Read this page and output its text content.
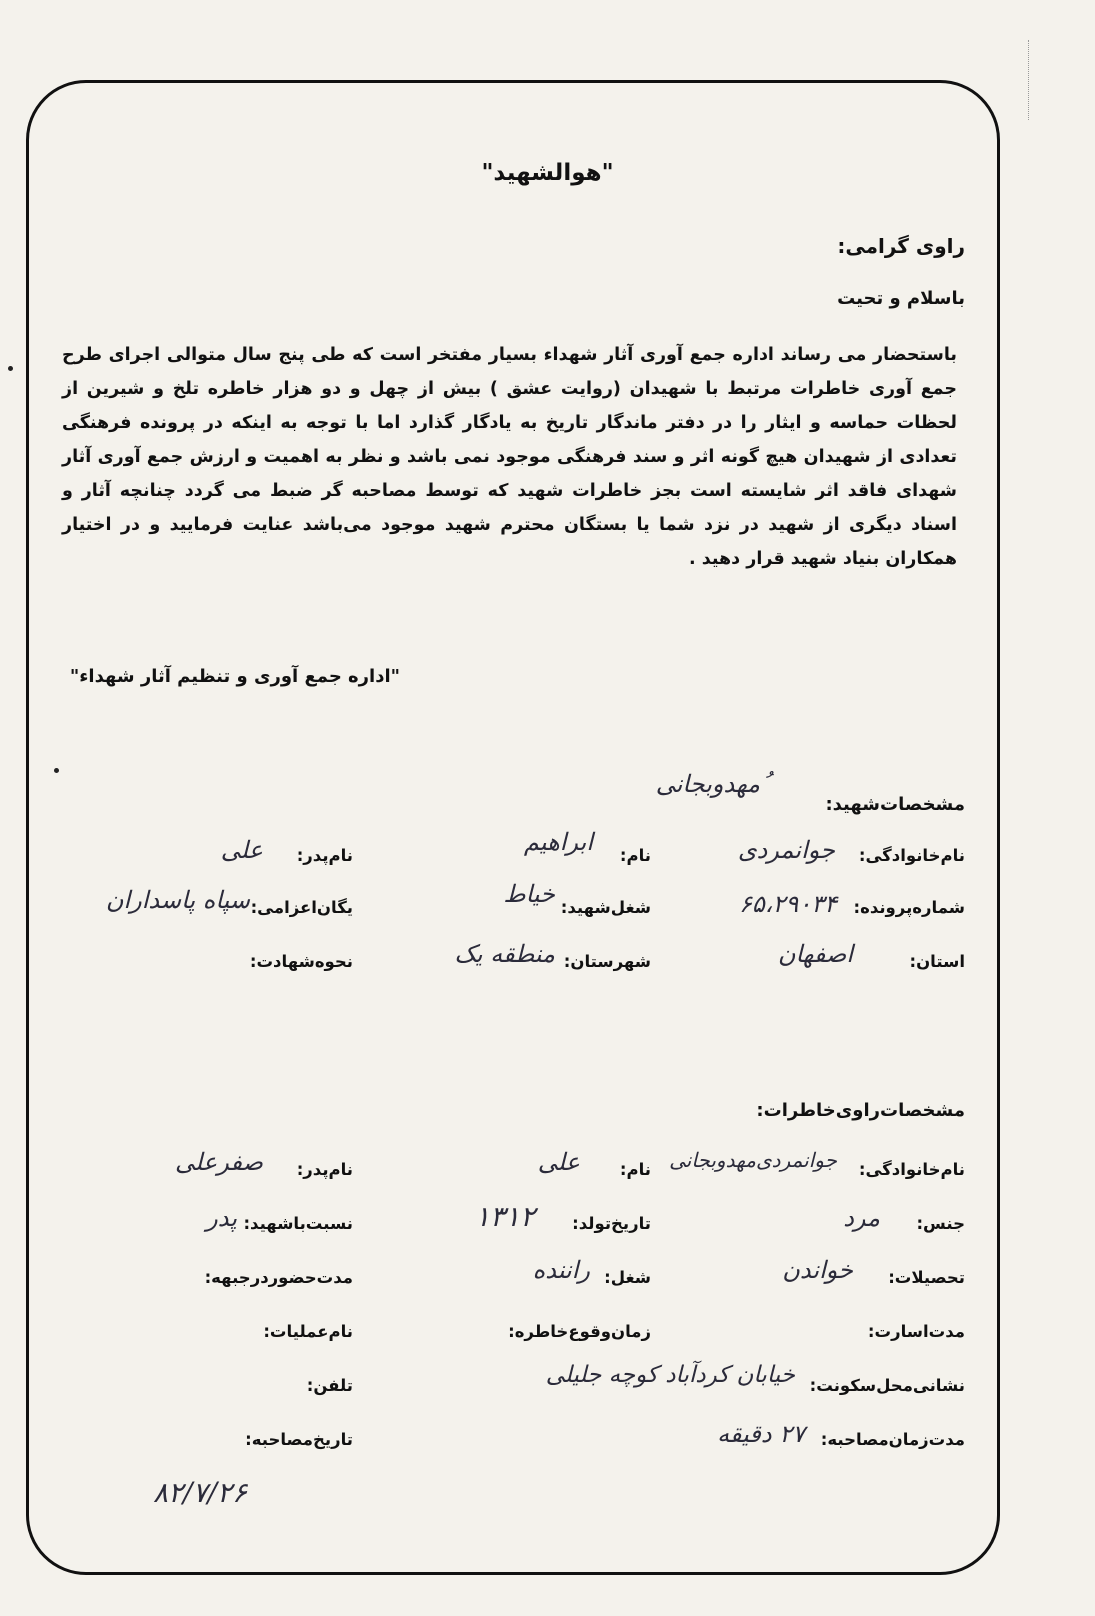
"هوالشهید"
راوی گرامی:
باسلام و تحیت
باستحضار می رساند اداره جمع آوری آثار شهداء بسیار مفتخر است که طی پنج سال متوالی اجرای طرح جمع آوری خاطرات مرتبط با شهیدان (روایت عشق ) بیش از چهل و دو هزار خاطره تلخ و شیرین از لحظات حماسه و ایثار را در دفتر ماندگار تاریخ به یادگار گذارد اما با توجه به اینکه در پرونده فرهنگی تعدادی از شهیدان هیچ گونه اثر و سند فرهنگی موجود نمی باشد و نظر به اهمیت و ارزش جمع آوری آثار شهدای فاقد اثر شایسته است بجز خاطرات شهید که توسط مصاحبه گر ضبط می گردد چنانچه آثار و اسناد دیگری از شهید در نزد شما یا بستگان محترم شهید موجود می‌باشد عنایت فرمایید و در اختیار همکاران بنیاد شهید قرار دهید .
"اداره جمع آوری و تنظیم آثار شهداء"
مشخصات‌شهید:
ُمهدوبجانی
نام‌خانوادگی:
جوانمردی
نام:
ابراهیم
نام‌پدر:
علی
شماره‌پرونده:
۶۵،۲۹۰۳۴
شغل‌شهید:
خیاط
یگان‌اعزامی:
سپاه پاسداران
استان:
اصفهان
شهرستان:
منطقه یک
نحوه‌شهادت:
مشخصات‌راوی‌خاطرات:
نام‌خانوادگی:
جوانمردی‌مهدوبجانی
نام:
علی
نام‌پدر:
صفرعلی
جنس:
مرد
تاریخ‌تولد:
۱۳۱۲
نسبت‌باشهید:
پدر
تحصیلات:
خواندن
شغل:
راننده
مدت‌حضوردرجبهه:
مدت‌اسارت:
زمان‌وقوع‌خاطره:
نام‌عملیات:
نشانی‌محل‌سکونت:
خیابان کردآباد کوچه جلیلی
تلفن:
مدت‌زمان‌مصاحبه:
۲۷ دقیقه
تاریخ‌مصاحبه:
۸۲/۷/۲۶
